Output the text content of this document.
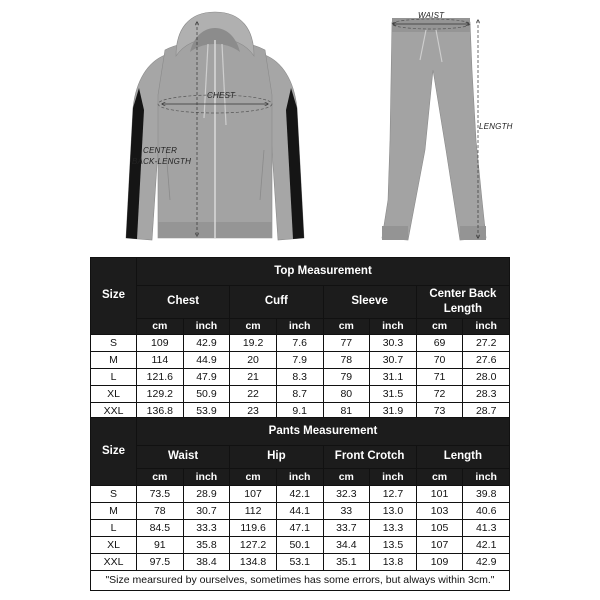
CHEST
CENTER
BACK-LENGTH
WAIST
LENGTH
Size	Top Measurement							
	Chest		Cuff		Sleeve		Center Back Length	
	cm	inch	cm	inch	cm	inch	cm	inch
S	109	42.9	19.2	7.6	77	30.3	69	27.2
M	114	44.9	20	7.9	78	30.7	70	27.6
L	121.6	47.9	21	8.3	79	31.1	71	28.0
XL	129.2	50.9	22	8.7	80	31.5	72	28.3
XXL	136.8	53.9	23	9.1	81	31.9	73	28.7
Size	Pants Measurement							
	Waist		Hip		Front Crotch		Length	
	cm	inch	cm	inch	cm	inch	cm	inch
S	73.5	28.9	107	42.1	32.3	12.7	101	39.8
M	78	30.7	112	44.1	33	13.0	103	40.6
L	84.5	33.3	119.6	47.1	33.7	13.3	105	41.3
XL	91	35.8	127.2	50.1	34.4	13.5	107	42.1
XXL	97.5	38.4	134.8	53.1	35.1	13.8	109	42.9
"Size mearsured by ourselves, sometimes has some errors, but always within 3cm."								
